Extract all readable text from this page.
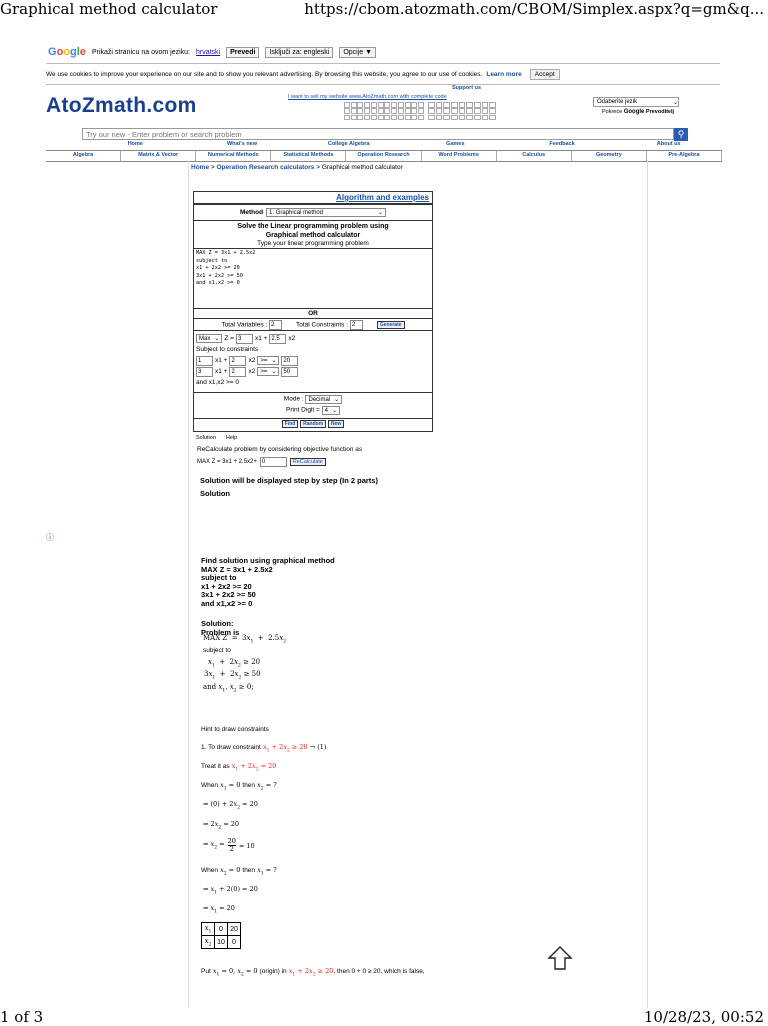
Graphical method calculator	https://cbom.atozmath.com/CBOM/Simplex.aspx?q=gm&q...
1 of 3	10/28/23, 00:52
Google Prikaži stranicu na ovom jeziku: hrvatski	Prevedi	Isključi za: engleski	Opcije ▼
We use cookies to improve your experience on our site and to show you relevant advertising. By browsing this website, you agree to our use of cookies. Learn more	Accept
AtoZmath.com
Support us
I want to sell my website www.AtoZmath.com with complete code
Odaberite jezik	⌄
Pokreće Google Prevoditelj
Try our new - Enter problem or search problem	⚲
Home	What's new	College Algebra	Games	Feedback	About us
Algebra	Matrix & Vector	Numerical Methods	Statistical Methods	Operation Research	Word Problems	Calculus	Geometry	Pre-Algebra
Home > Operation Research calculators > Graphical method calculator
Algorithm and examples
Method 1. Graphical method	⌄
Solve the Linear programming problem using
Graphical method calculator
Type your linear programming problem
MAX Z = 3x1 + 2.5x2
subject to
x1 + 2x2 >= 20
3x1 + 2x2 >= 50
and x1,x2 >= 0
OR
Total Variables : 2	Total Constraints : 2	Generate
Max ⌄ Z = 3	x1 + 2.5	x2
Subject to constraints
1	x1 + 2	x2 >= ⌄	20
3	x1 + 2	x2 >= ⌄	50
and x1,x2 >= 0
Mode : Decimal ⌄
Print Digit = 4 ⌄
Find Random New
Solution Help
ReCalculate problem by considering objective function as
MAX Z = 3x1 + 2.5x2+ 0	ReCalculate
Solution will be displayed step by step (In 2 parts)
Solution
ⓘ
Find solution using graphical method
MAX Z = 3x1 + 2.5x2
subject to
x1 + 2x2 >= 20
3x1 + 2x2 >= 50
and x1,x2 >= 0
Solution:
Problem is
MAX $Z = 3x_1 + 2.5x_2$
subject to
$x_1 + 2x_2 \ge 20$
$3x_1 + 2x_2 \ge 50$
and $x_1$, $x_2 \ge 0$;
Hint to draw constraints
1. To draw constraint $x_1 + 2x_2 \ge 20 \to (1)$
Treat it as $x_1 + 2x_2 = 20$
When $x_1 = 0$ then $x_2$ = ?
⇒ $(0) + 2x_2 = 20$
⇒ $2x_2 = 20$
⇒ $x_2 = \frac{20}{2} = 10$
When $x_2 = 0$ then $x_1$ = ?
⇒ $x_1 + 2(0) = 20$
⇒ $x_1 = 20$
$x_1$	0	20
$x_2$	10	0
Put $x_1 = 0$, $x_2 = 0$ (origin) in $x_1 + 2x_2 \ge 20$, then 0 + 0 ≥ 20, which is false,
